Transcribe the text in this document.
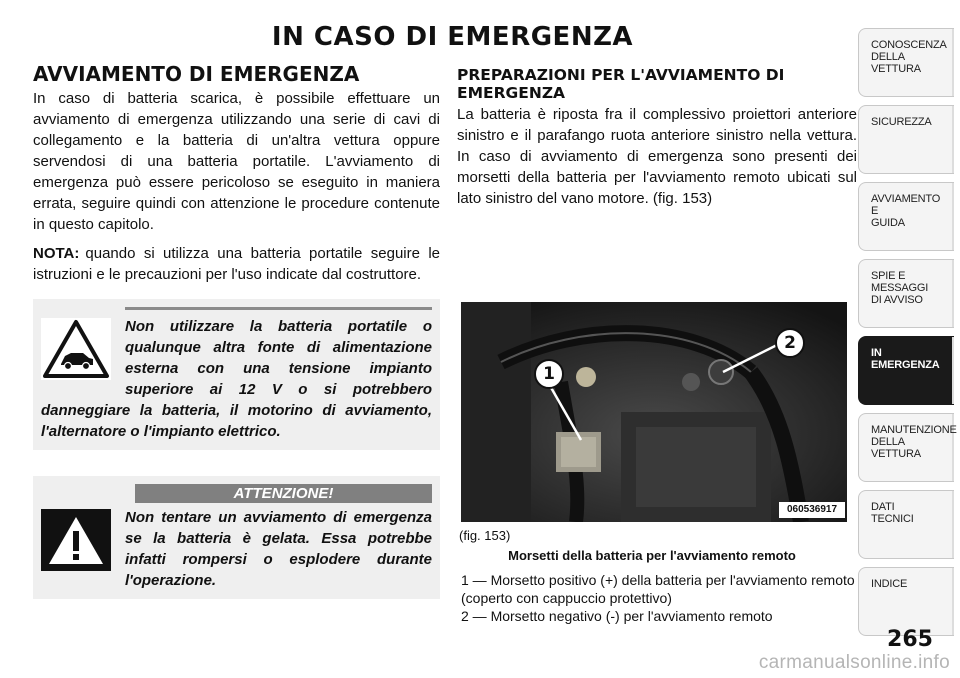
IN CASO DI EMERGENZA
AVVIAMENTO DI EMERGENZA

In caso di batteria scarica, è possibile effettuare un avviamento di emergenza utilizzando una serie di cavi di collegamento e la batteria di un'altra vettura oppure servendosi di una batteria portatile. L'avviamento di emergenza può essere pericoloso se eseguito in maniera errata, seguire quindi con attenzione le procedure contenute in questo capitolo.

NOTA: quando si utilizza una batteria portatile seguire le istruzioni e le precauzioni per l'uso indicate dal costruttore.

Non utilizzare la batteria portatile o qualunque altra fonte di alimentazione esterna con una tensione impianto superiore ai 12 V o si potrebbero danneggiare la batteria, il motorino di avviamento, l'alternatore o l'impianto elettrico.
ATTENZIONE!
Non tentare un avviamento di emergenza se la batteria è gelata. Essa potrebbe infatti rompersi o esplodere durante l'operazione.
PREPARAZIONI PER L'AVVIAMENTO DI EMERGENZA

La batteria è riposta fra il complessivo proiettori anteriore sinistro e il parafango ruota anteriore sinistro nella vettura. In caso di avviamento di emergenza sono presenti dei morsetti della batteria per l'avviamento remoto ubicati sul lato sinistro del vano motore. (fig. 153)

1
2
060536917
(fig. 153)
Morsetti della batteria per l'avviamento remoto
1 — Morsetto positivo (+) della batteria per l'avviamento remoto (coperto con cappuccio protettivo)
2 — Morsetto negativo (-) per l'avviamento remoto
CONOSCENZA
DELLA
VETTURA
SICUREZZA
AVVIAMENTO
E
GUIDA
SPIE E
MESSAGGI
DI AVVISO
IN
EMERGENZA
MANUTENZIONE
DELLA
VETTURA
DATI
TECNICI
INDICE
265
carmanualsonline.info
